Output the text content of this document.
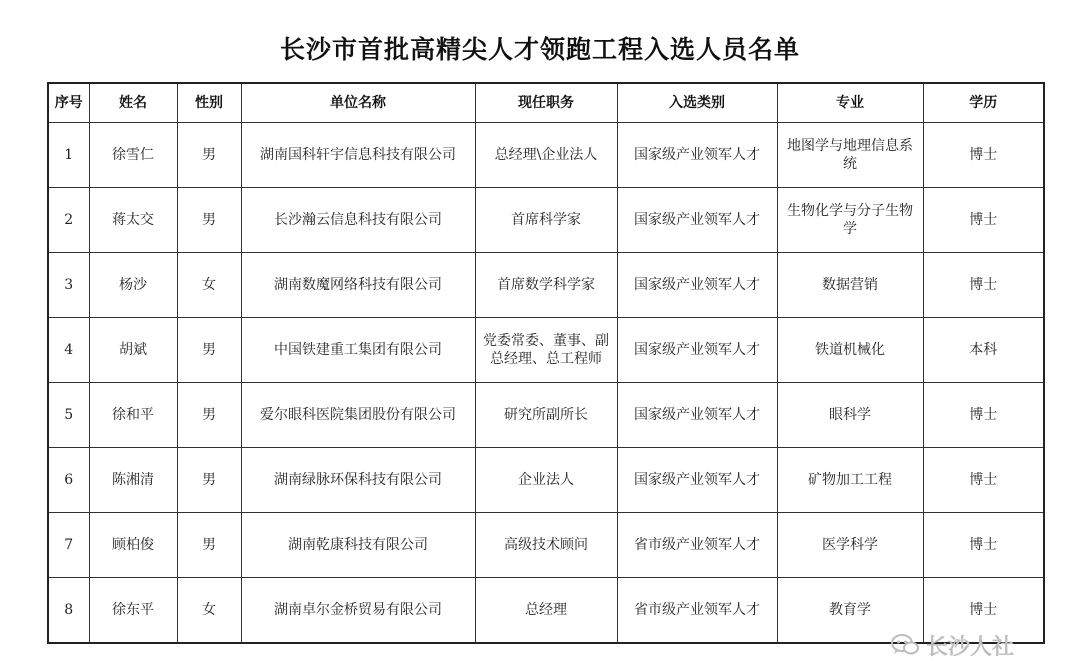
长沙市首批高精尖人才领跑工程入选人员名单
序号	姓名	性别	单位名称	现任职务	入选类别	专业	学历
1	徐雪仁	男	湖南国科轩宇信息科技有限公司	总经理\企业法人	国家级产业领军人才	地图学与地理信息系统	博士
2	蒋太交	男	长沙瀚云信息科技有限公司	首席科学家	国家级产业领军人才	生物化学与分子生物学	博士
3	杨沙	女	湖南数魔网络科技有限公司	首席数学科学家	国家级产业领军人才	数据营销	博士
4	胡斌	男	中国铁建重工集团有限公司	党委常委、董事、副总经理、总工程师	国家级产业领军人才	铁道机械化	本科
5	徐和平	男	爱尔眼科医院集团股份有限公司	研究所副所长	国家级产业领军人才	眼科学	博士
6	陈湘清	男	湖南绿脉环保科技有限公司	企业法人	国家级产业领军人才	矿物加工工程	博士
7	顾柏俊	男	湖南乾康科技有限公司	高级技术顾问	省市级产业领军人才	医学科学	博士
8	徐东平	女	湖南卓尔金桥贸易有限公司	总经理	省市级产业领军人才	教育学	博士
长沙人社
